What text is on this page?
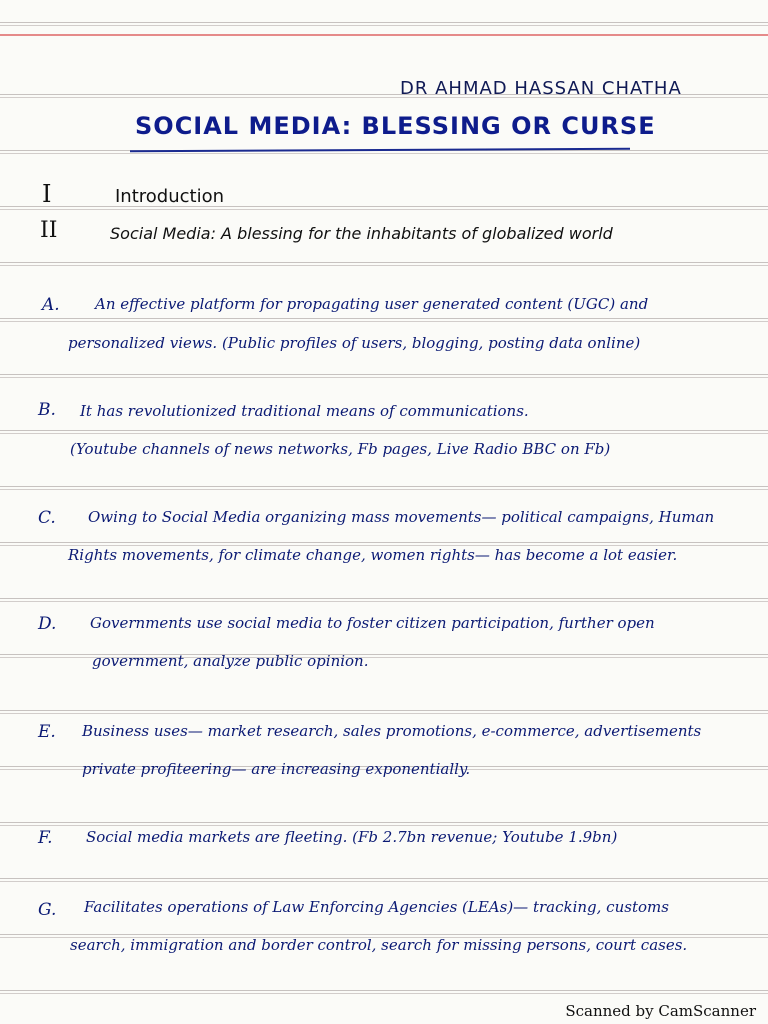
DR AHMAD HASSAN CHATHA
SOCIAL MEDIA: BLESSING OR CURSE
I	Introduction
II	Social Media: A blessing for the inhabitants of globalized world
A. An effective platform for propagating user generated content (UGC) and
personalized views. (Public profiles of users, blogging, posting data online)
B. It has revolutionized traditional means of communications.
(Youtube channels of news networks, Fb pages, Live Radio BBC on Fb)
C. Owing to Social Media organizing mass movements— political campaigns, Human
Rights movements, for climate change, women rights— has become a lot easier.
D. Governments use social media to foster citizen participation, further open
government, analyze public opinion.
E. Business uses— market research, sales promotions, e-commerce, advertisements
private profiteering— are increasing exponentially.
F. Social media markets are fleeting. (Fb 2.7bn revenue; Youtube 1.9bn)
G. Facilitates operations of Law Enforcing Agencies (LEAs)— tracking, customs
search, immigration and border control, search for missing persons, court cases.
Scanned by CamScanner
